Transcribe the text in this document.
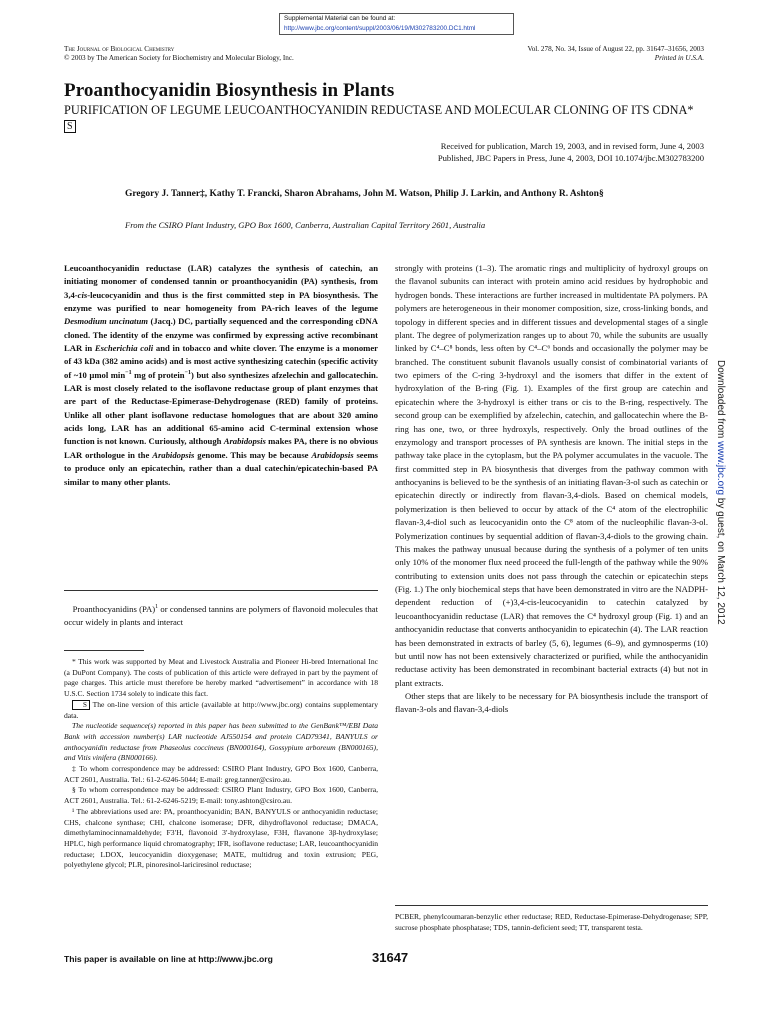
Supplemental Material can be found at:
http://www.jbc.org/content/suppl/2003/06/19/M302783200.DC1.html
The Journal of Biological Chemistry
© 2003 by The American Society for Biochemistry and Molecular Biology, Inc.
Vol. 278, No. 34, Issue of August 22, pp. 31647–31656, 2003
Printed in U.S.A.
Proanthocyanidin Biosynthesis in Plants
PURIFICATION OF LEGUME LEUCOANTHOCYANIDIN REDUCTASE AND MOLECULAR CLONING OF ITS CDNA*S
Received for publication, March 19, 2003, and in revised form, June 4, 2003
Published, JBC Papers in Press, June 4, 2003, DOI 10.1074/jbc.M302783200
Gregory J. Tanner‡, Kathy T. Francki, Sharon Abrahams, John M. Watson, Philip J. Larkin, and Anthony R. Ashton§
From the CSIRO Plant Industry, GPO Box 1600, Canberra, Australian Capital Territory 2601, Australia
Leucoanthocyanidin reductase (LAR) catalyzes the synthesis of catechin, an initiating monomer of condensed tannin or proanthocyanidin (PA) synthesis, from 3,4-cis-leucocyanidin and thus is the first committed step in PA biosynthesis. The enzyme was purified to near homogeneity from PA-rich leaves of the legume Desmodium uncinatum (Jacq.) DC, partially sequenced and the corresponding cDNA cloned. The identity of the enzyme was confirmed by expressing active recombinant LAR in Escherichia coli and in tobacco and white clover. The enzyme is a monomer of 43 kDa (382 amino acids) and is most active synthesizing catechin (specific activity of ~10 µmol $\min^{-1}$ mg of protein$^{-1}$) but also synthesizes afzelechin and gallocatechin. LAR is most closely related to the isoflavone reductase group of plant enzymes that are part of the Reductase-Epimerase-Dehydrogenase (RED) family of proteins. Unlike all other plant isoflavone reductase homologues that are about 320 amino acids long, LAR has an additional 65-amino acid C-terminal extension whose function is not known. Curiously, although Arabidopsis makes PA, there is no obvious LAR orthologue in the Arabidopsis genome. This may be because Arabidopsis seems to produce only an epicatechin, rather than a dual catechin/epicatechin-based PA similar to many other plants.
 Proanthocyanidins (PA)$^1$ or condensed tannins are polymers of flavonoid molecules that occur widely in plants and interact

* This work was supported by Meat and Livestock Australia and Pioneer Hi-bred International Inc (a DuPont Company). The costs of publication of this article were defrayed in part by the payment of page charges. This article must therefore be hereby marked “advertisement” in accordance with 18 U.S.C. Section 1734 solely to indicate this fact.

S The on-line version of this article (available at http://www.jbc.org) contains supplementary data.

The nucleotide sequence(s) reported in this paper has been submitted to the GenBank™/EBI Data Bank with accession number(s) LAR nucleotide AJ550154 and protein CAD79341, BANYULS or anthocyanidin reductase from Phaseolus coccineus (BN000164), Gossypium arboreum (BN000165), and Vitis vinifera (BN000166).

‡ To whom correspondence may be addressed: CSIRO Plant Industry, GPO Box 1600, Canberra, ACT 2601, Australia. Tel.: 61-2-6246-5044; E-mail: greg.tanner@csiro.au.

§ To whom correspondence may be addressed: CSIRO Plant Industry, GPO Box 1600, Canberra, ACT 2601, Australia. Tel.: 61-2-6246-5219; E-mail: tony.ashton@csiro.au.

¹ The abbreviations used are: PA, proanthocyanidin; BAN, BANYULS or anthocyanidin reductase; CHS, chalcone synthase; CHI, chalcone isomerase; DFR, dihydroflavonol reductase; DMACA, dimethylaminocinnamaldehyde; F3′H, flavonoid 3′-hydroxylase, F3H, flavanone 3β-hydroxylase; HPLC, high performance liquid chromatography; IFR, isoflavone reductase; LAR, leucoanthocyanidin reductase; LDOX, leucocyanidin dioxygenase; MATE, multidrug and toxin extrusion; PEG, polyethylene glycol; PLR, pinoresinol-lariciresinol reductase;

strongly with proteins (1–3). The aromatic rings and multiplicity of hydroxyl groups on the flavanol subunits can interact with protein amino acid residues by hydrophobic and hydrogen bonds. These interactions are further increased in multidentate PA polymers. PA polymers are heterogeneous in their monomer composition, size, cross-linking bonds, and topology in different species and in different tissues and developmental stages of a single plant. The degree of polymerization ranges up to about 70, while the subunits are usually linked by C⁴–C⁸ bonds, less often by C⁴–C⁶ bonds and occasionally the polymer may be branched. The constituent subunit flavanols usually consist of combinatorial variants of two epimers of the C-ring 3-hydroxyl and the isomers that differ in the extent of hydroxylation of the B-ring (Fig. 1). Examples of the first group are catechin and epicatechin where the 3-hydroxyl is either trans or cis to the B-ring, respectively. The second group can be exemplified by afzelechin, catechin, and gallocatechin where the B-ring has one, two, or three hydroxyls, respectively. Only the broad outlines of the enzymology and transport processes of PA synthesis are known. The initial steps in the pathway take place in the cytoplasm, but the PA polymer accumulates in the vacuole. The first committed step in PA biosynthesis that diverges from the pathway common with anthocyanins is believed to be the synthesis of an initiating flavan-3-ol such as catechin or epicatechin directly or indirectly from flavan-3,4-diols. Based on chemical models, polymerization is then believed to occur by attack of the C⁴ atom of the electrophilic flavan-3,4-diol such as leucocyanidin onto the C⁸ atom of the nucleophilic flavan-3-ol. Polymerization continues by sequential addition of flavan-3,4-diols to the growing chain. This makes the pathway unusual because during the synthesis of a polymer of ten units only 10% of the monomer flux need proceed the full-length of the pathway while the 90% contributing to extension units does not pass through the catechin or epicatechin steps (Fig. 1.) The only biochemical steps that have been demonstrated in vitro are the NADPH-dependent reduction of (+)3,4-cis-leucocyanidin to catechin catalyzed by leucoanthocyanidin reductase (LAR) that removes the C⁴ hydroxyl group (Fig. 1) and an anthocyanidin reductase that converts anthocyanidin to epicatechin (4). The LAR reaction has been demonstrated in extracts of barley (5, 6), legumes (6–9), and gymnosperms (10) but until now has not been extensively characterized or purified, while the anthocyanidin reductase activity has been demonstrated in recombinant bacterial extracts (4) but not in plant extracts.

Other steps that are likely to be necessary for PA biosynthesis include the transport of flavan-3-ols and flavan-3,4-diols

PCBER, phenylcoumaran-benzylic ether reductase; RED, Reductase-Epimerase-Dehydrogenase; SPP, sucrose phosphate phosphatase; TDS, tannin-deficient seed; TT, transparent testa.
Downloaded from www.jbc.org by guest, on March 12, 2012
This paper is available on line at http://www.jbc.org	31647
